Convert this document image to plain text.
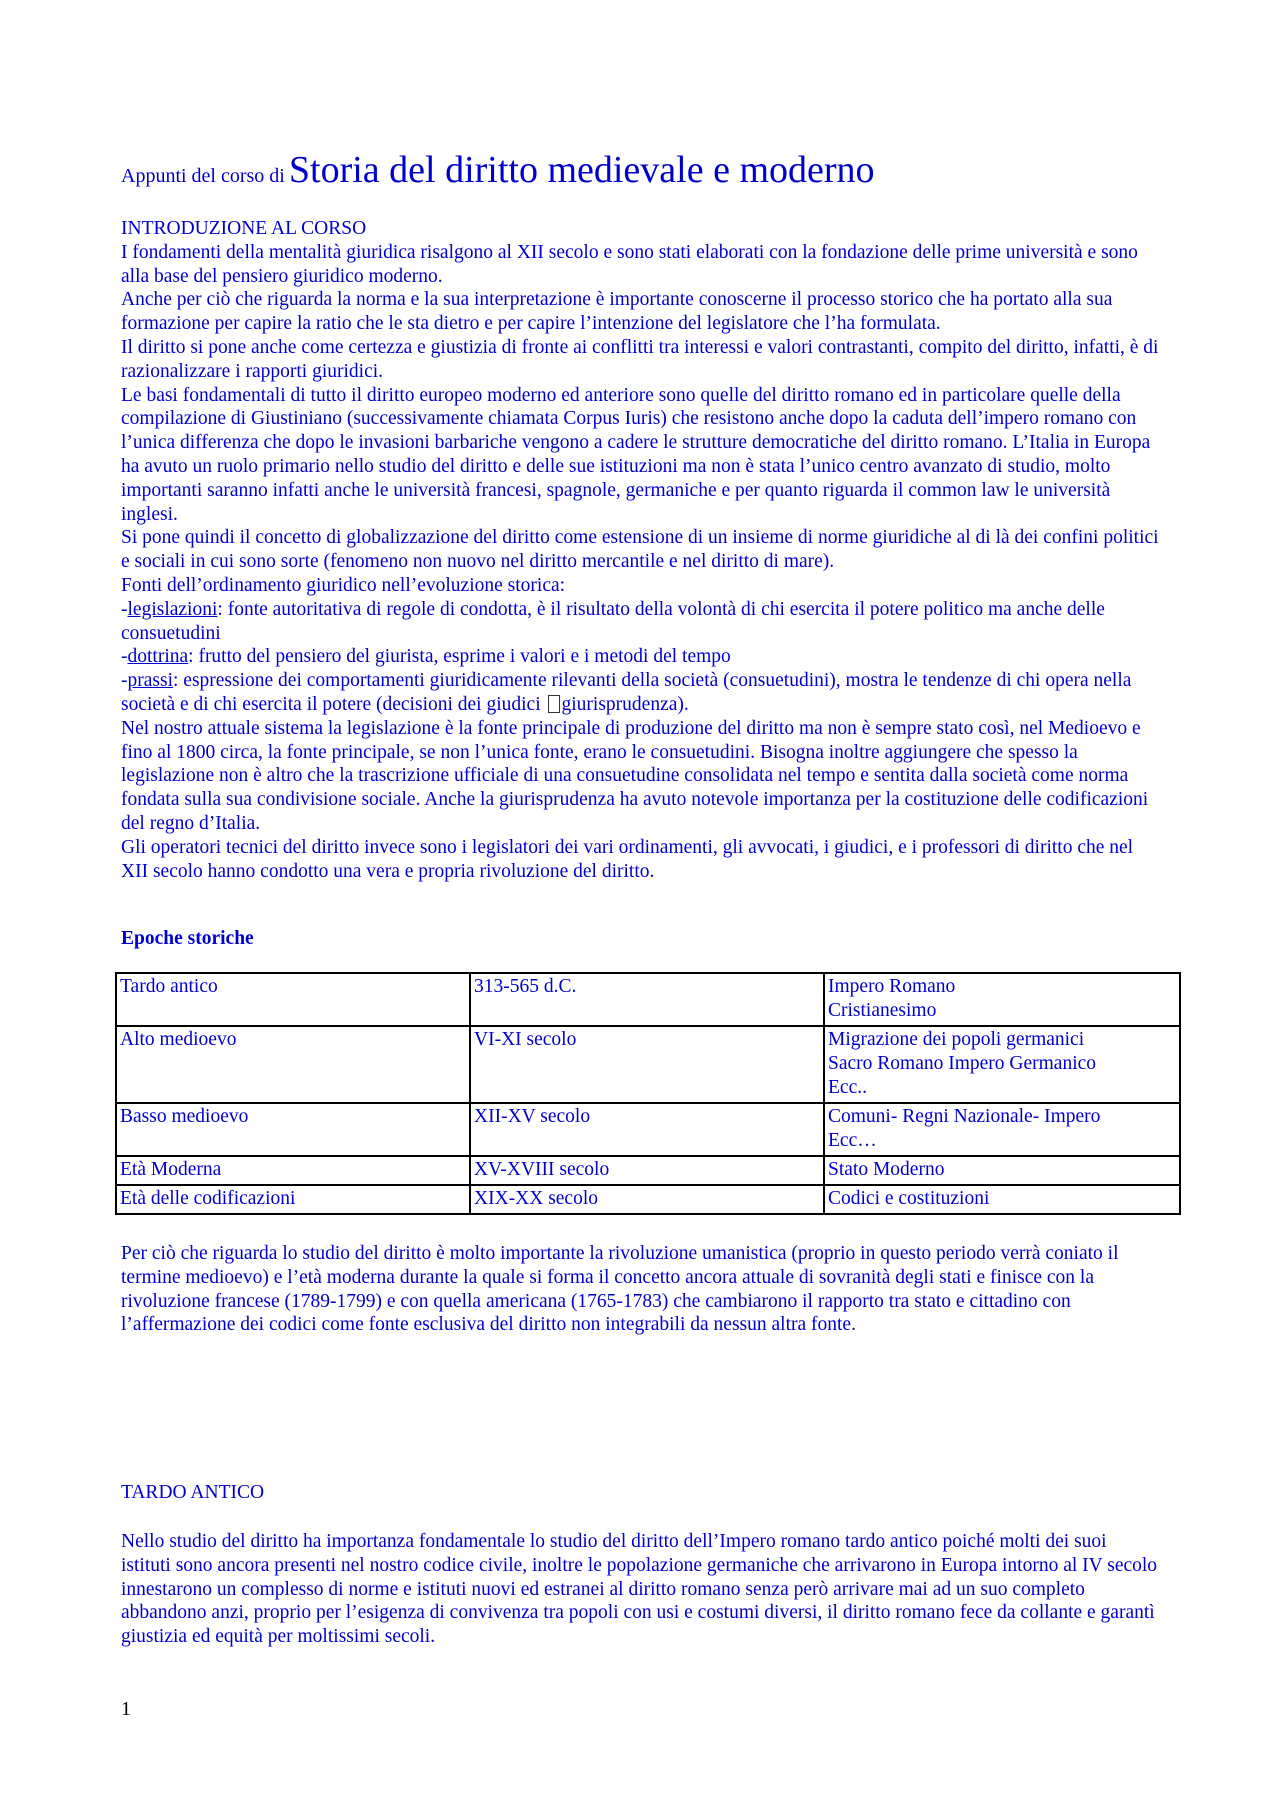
Appunti del corso di Storia del diritto medievale e moderno

INTRODUZIONE AL CORSO

I fondamenti della mentalità giuridica risalgono al XII secolo e sono stati elaborati con la fondazione delle prime università e sono alla base del pensiero giuridico moderno.

Anche per ciò che riguarda la norma e la sua interpretazione è importante conoscerne il processo storico che ha portato alla sua formazione per capire la ratio che le sta dietro e per capire l’intenzione del legislatore che l’ha formulata.

Il diritto si pone anche come certezza e giustizia di fronte ai conflitti tra interessi e valori contrastanti, compito del diritto, infatti, è di razionalizzare i rapporti giuridici.

Le basi fondamentali di tutto il diritto europeo moderno ed anteriore sono quelle del diritto romano ed in particolare quelle della compilazione di Giustiniano (successivamente chiamata Corpus Iuris) che resistono anche dopo la caduta dell’impero romano con l’unica differenza che dopo le invasioni barbariche vengono a cadere le strutture democratiche del diritto romano. L’Italia in Europa ha avuto un ruolo primario nello studio del diritto e delle sue istituzioni ma non è stata l’unico centro avanzato di studio, molto importanti saranno infatti anche le università francesi, spagnole, germaniche e per quanto riguarda il common law le università inglesi.

Si pone quindi il concetto di globalizzazione del diritto come estensione di un insieme di norme giuridiche al di là dei confini politici e sociali in cui sono sorte (fenomeno non nuovo nel diritto mercantile e nel diritto di mare).

Fonti dell’ordinamento giuridico nell’evoluzione storica:

-legislazioni: fonte autoritativa di regole di condotta, è il risultato della volontà di chi esercita il potere politico ma anche delle consuetudini

-dottrina: frutto del pensiero del giurista, esprime i valori e i metodi del tempo

-prassi: espressione dei comportamenti giuridicamente rilevanti della società (consuetudini), mostra le tendenze di chi opera nella società e di chi esercita il potere (decisioni dei giudici giurisprudenza).

Nel nostro attuale sistema la legislazione è la fonte principale di produzione del diritto ma non è sempre stato così, nel Medioevo e fino al 1800 circa, la fonte principale, se non l’unica fonte, erano le consuetudini. Bisogna inoltre aggiungere che spesso la legislazione non è altro che la trascrizione ufficiale di una consuetudine consolidata nel tempo e sentita dalla società come norma fondata sulla sua condivisione sociale. Anche la giurisprudenza ha avuto notevole importanza per la costituzione delle codificazioni del regno d’Italia.

Gli operatori tecnici del diritto invece sono i legislatori dei vari ordinamenti, gli avvocati, i giudici, e i professori di diritto che nel XII secolo hanno condotto una vera e propria rivoluzione del diritto.

Epoche storiche
Tardo antico	313-565 d.C.	Impero Romano
Cristianesimo

Alto medioevo	VI-XI secolo	Migrazione dei popoli germanici
Sacro Romano Impero Germanico
Ecc..

Basso medioevo	XII-XV secolo	Comuni- Regni Nazionale- Impero
Ecc…

Età Moderna	XV-XVIII secolo	Stato Moderno

Età delle codificazioni	XIX-XX secolo	Codici e costituzioni

Per ciò che riguarda lo studio del diritto è molto importante la rivoluzione umanistica (proprio in questo periodo verrà coniato il termine medioevo) e l’età moderna durante la quale si forma il concetto ancora attuale di sovranità degli stati e finisce con la rivoluzione francese (1789-1799) e con quella americana (1765-1783) che cambiarono il rapporto tra stato e cittadino con l’affermazione dei codici come fonte esclusiva del diritto non integrabili da nessun altra fonte.

TARDO ANTICO

Nello studio del diritto ha importanza fondamentale lo studio del diritto dell’Impero romano tardo antico poiché molti dei suoi istituti sono ancora presenti nel nostro codice civile, inoltre le popolazione germaniche che arrivarono in Europa intorno al IV secolo innestarono un complesso di norme e istituti nuovi ed estranei al diritto romano senza però arrivare mai ad un suo completo abbandono anzi, proprio per l’esigenza di convivenza tra popoli con usi e costumi diversi, il diritto romano fece da collante e garantì giustizia ed equità per moltissimi secoli.

1
